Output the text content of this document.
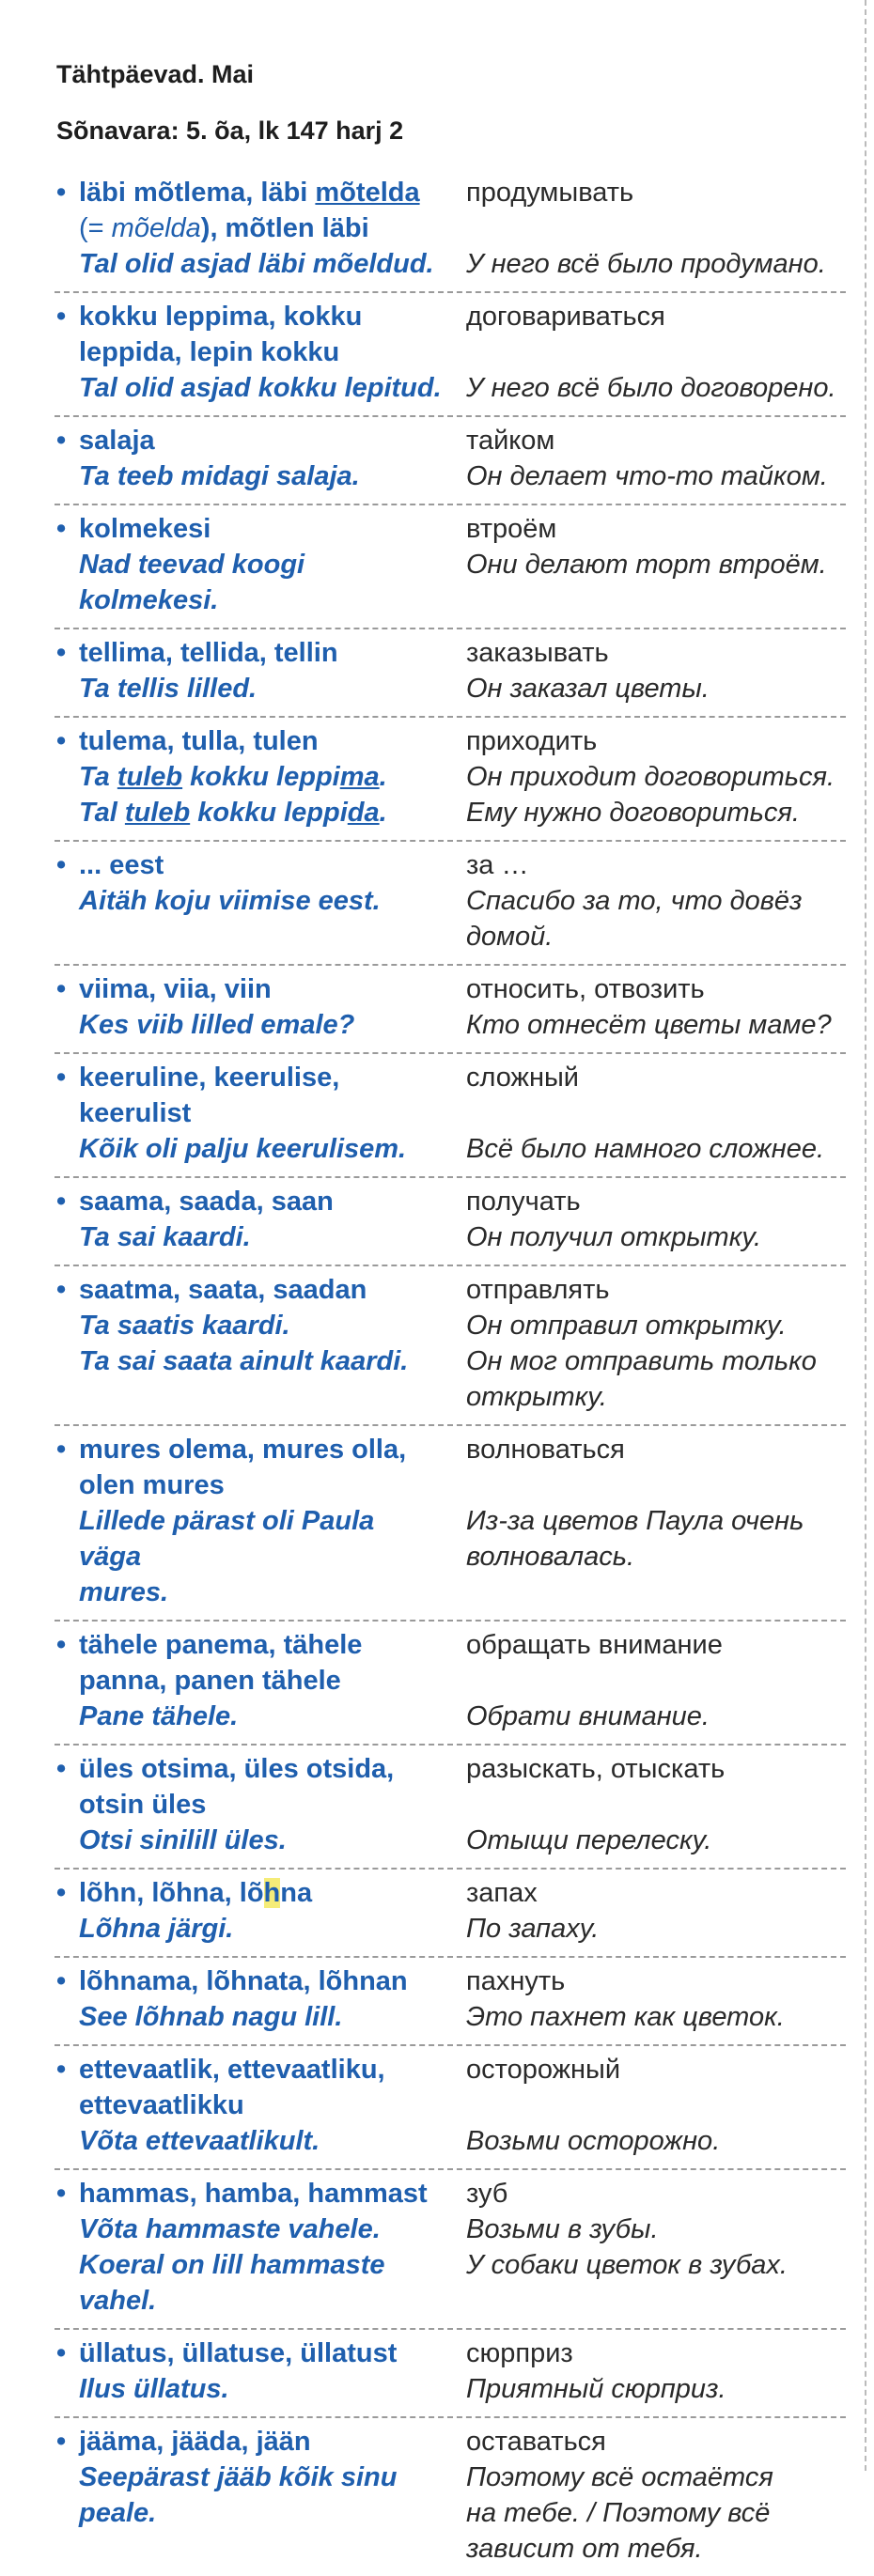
Tähtpäevad. Mai
Sõnavara: 5. õa, lk 147 harj 2
• läbi mõtlema, läbi mõtelda
(= mõelda), mõtlen läbi
Tal olid asjad läbi mõeldud.
продумывать
У него всё было продумано.
• kokku leppima, kokku
leppida, lepin kokku
Tal olid asjad kokku lepitud.
договариваться
У него всё было договорено.
• salaja
Ta teeb midagi salaja.
тайком
Он делает что-то тайком.
• kolmekesi
Nad teevad koogi kolmekesi.
втроём
Они делают торт втроём.
• tellima, tellida, tellin
Ta tellis lilled.
заказывать
Он заказал цветы.
• tulema, tulla, tulen
Ta tuleb kokku leppima.
Tal tuleb kokku leppida.
приходить
Он приходит договориться.
Ему нужно договориться.
• ... eest
Aitäh koju viimise eest.
за …
Спасибо за то, что довёз
домой.
• viima, viia, viin
Kes viib lilled emale?
относить, отвозить
Кто отнесёт цветы маме?
• keeruline, keerulise,
keerulist
Kõik oli palju keerulisem.
сложный
Всё было намного сложнее.
• saama, saada, saan
Ta sai kaardi.
получать
Он получил открытку.
• saatma, saata, saadan
Ta saatis kaardi.
Ta sai saata ainult kaardi.
отправлять
Он отправил открытку.
Он мог отправить только
открытку.
• mures olema, mures olla,
olen mures
Lillede pärast oli Paula väga
mures.
волноваться
Из-за цветов Паула очень
волновалась.
• tähele panema, tähele
panna, panen tähele
Pane tähele.
обращать внимание
Обрати внимание.
• üles otsima, üles otsida,
otsin üles
Otsi sinilill üles.
разыскать, отыскать
Отыщи перелеску.
• lõhn, lõhna, lõhna
Lõhna järgi.
запах
По запаху.
• lõhnama, lõhnata, lõhnan
See lõhnab nagu lill.
пахнуть
Это пахнет как цветок.
• ettevaatlik, ettevaatliku,
ettevaatlikku
Võta ettevaatlikult.
осторожный
Возьми осторожно.
• hammas, hamba, hammast
Võta hammaste vahele.
Koeral on lill hammaste
vahel.
зуб
Возьми в зубы.
У собаки цветок в зубах.
• üllatus, üllatuse, üllatust
Ilus üllatus.
сюрприз
Приятный сюрприз.
• jääma, jääda, jään
Seepärast jääb kõik sinu
peale.
оставаться
Поэтому всё остаётся
на тебе. / Поэтому всё
зависит от тебя.
